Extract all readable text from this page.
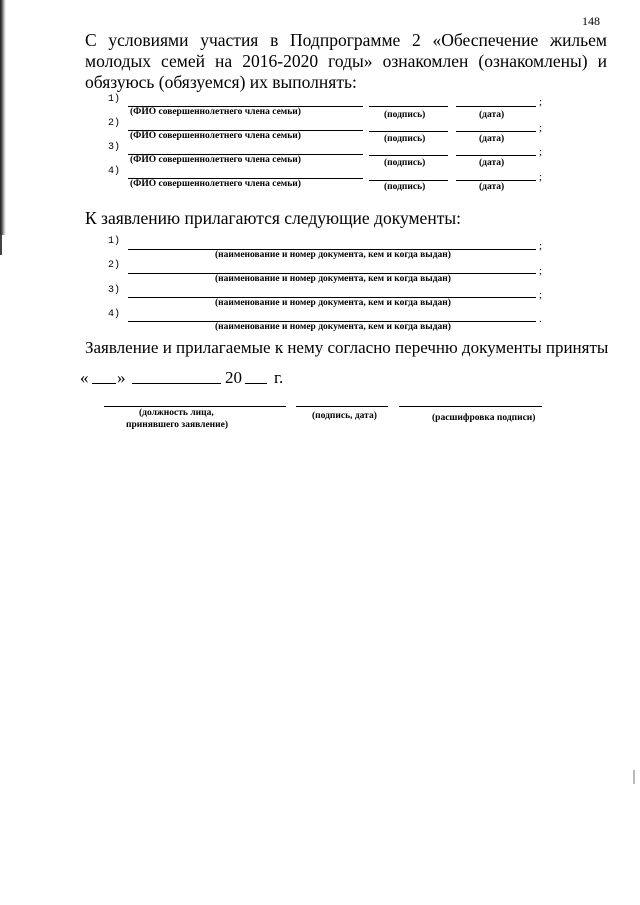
148
С условиями участия в Подпрограмме 2 «Обеспечение жильем молодых семей на 2016-2020 годы» ознакомлен (ознакомлены) и обязуюсь (обязуемся) их выполнять:
1)	;
(ФИО совершеннолетнего члена семьи)	(подпись)	(дата)
2)	;
(ФИО совершеннолетнего члена семьи)	(подпись)	(дата)
3)	;
(ФИО совершеннолетнего члена семьи)	(подпись)	(дата)
4)	;
(ФИО совершеннолетнего члена семьи)	(подпись)	(дата)
К заявлению прилагаются следующие документы:
1)	;
(наименование и номер документа, кем и когда выдан)
2)	;
(наименование и номер документа, кем и когда выдан)
3)	;
(наименование и номер документа, кем и когда выдан)
4)	.
(наименование и номер документа, кем и когда выдан)
Заявление и прилагаемые к нему согласно перечню документы приняты
« »	20 г.
(должность лица,
принявшего заявление)
(подпись, дата)	(расшифровка подписи)
